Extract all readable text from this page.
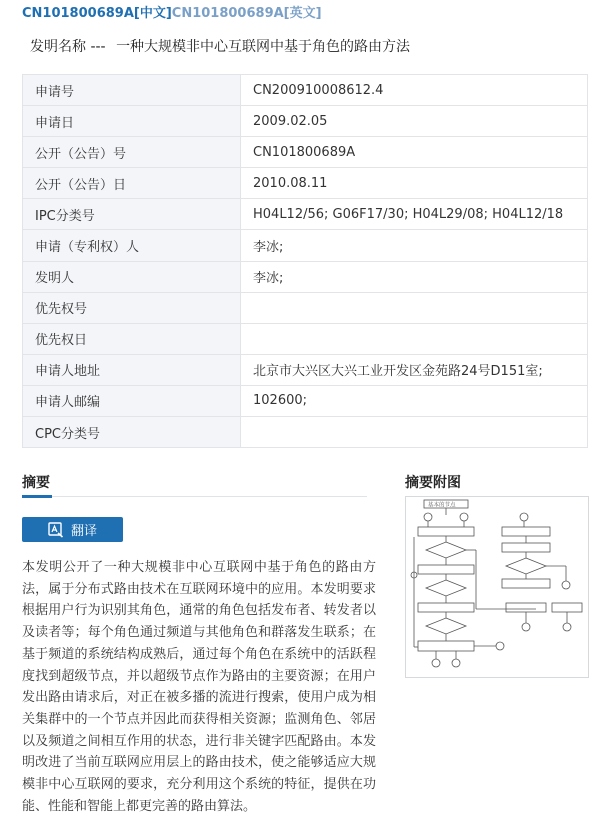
CN101800689A[中文]CN101800689A[英文]
发明名称 --- 一种大规模非中心互联网中基于角色的路由方法
申请号	CN200910008612.4
申请日	2009.02.05
公开（公告）号	CN101800689A
公开（公告）日	2010.08.11
IPC分类号	H04L12/56; G06F17/30; H04L29/08; H04L12/18
申请（专利权）人	李冰;
发明人	李冰;
优先权号	
优先权日	
申请人地址	北京市大兴区大兴工业开发区金苑路24号D151室;
申请人邮编	102600;
CPC分类号	
摘要	摘要附图
基本的节点
翻译

本发明公开了一种大规模非中心互联网中基于角色的路由方法，属于分布式路由技术在互联网环境中的应用。本发明要求根据用户行为识别其角色，通常的角色包括发布者、转发者以及读者等；每个角色通过频道与其他角色和群落发生联系；在基于频道的系统结构成熟后，通过每个角色在系统中的活跃程度找到超级节点，并以超级节点作为路由的主要资源；在用户发出路由请求后，对正在被多播的流进行搜索，使用户成为相关集群中的一个节点并因此而获得相关资源；监测角色、邻居以及频道之间相互作用的状态，进行非关键字匹配路由。本发明改进了当前互联网应用层上的路由技术，使之能够适应大规模非中心互联网的要求，充分利用这个系统的特征，提供在功能、性能和智能上都更完善的路由算法。
